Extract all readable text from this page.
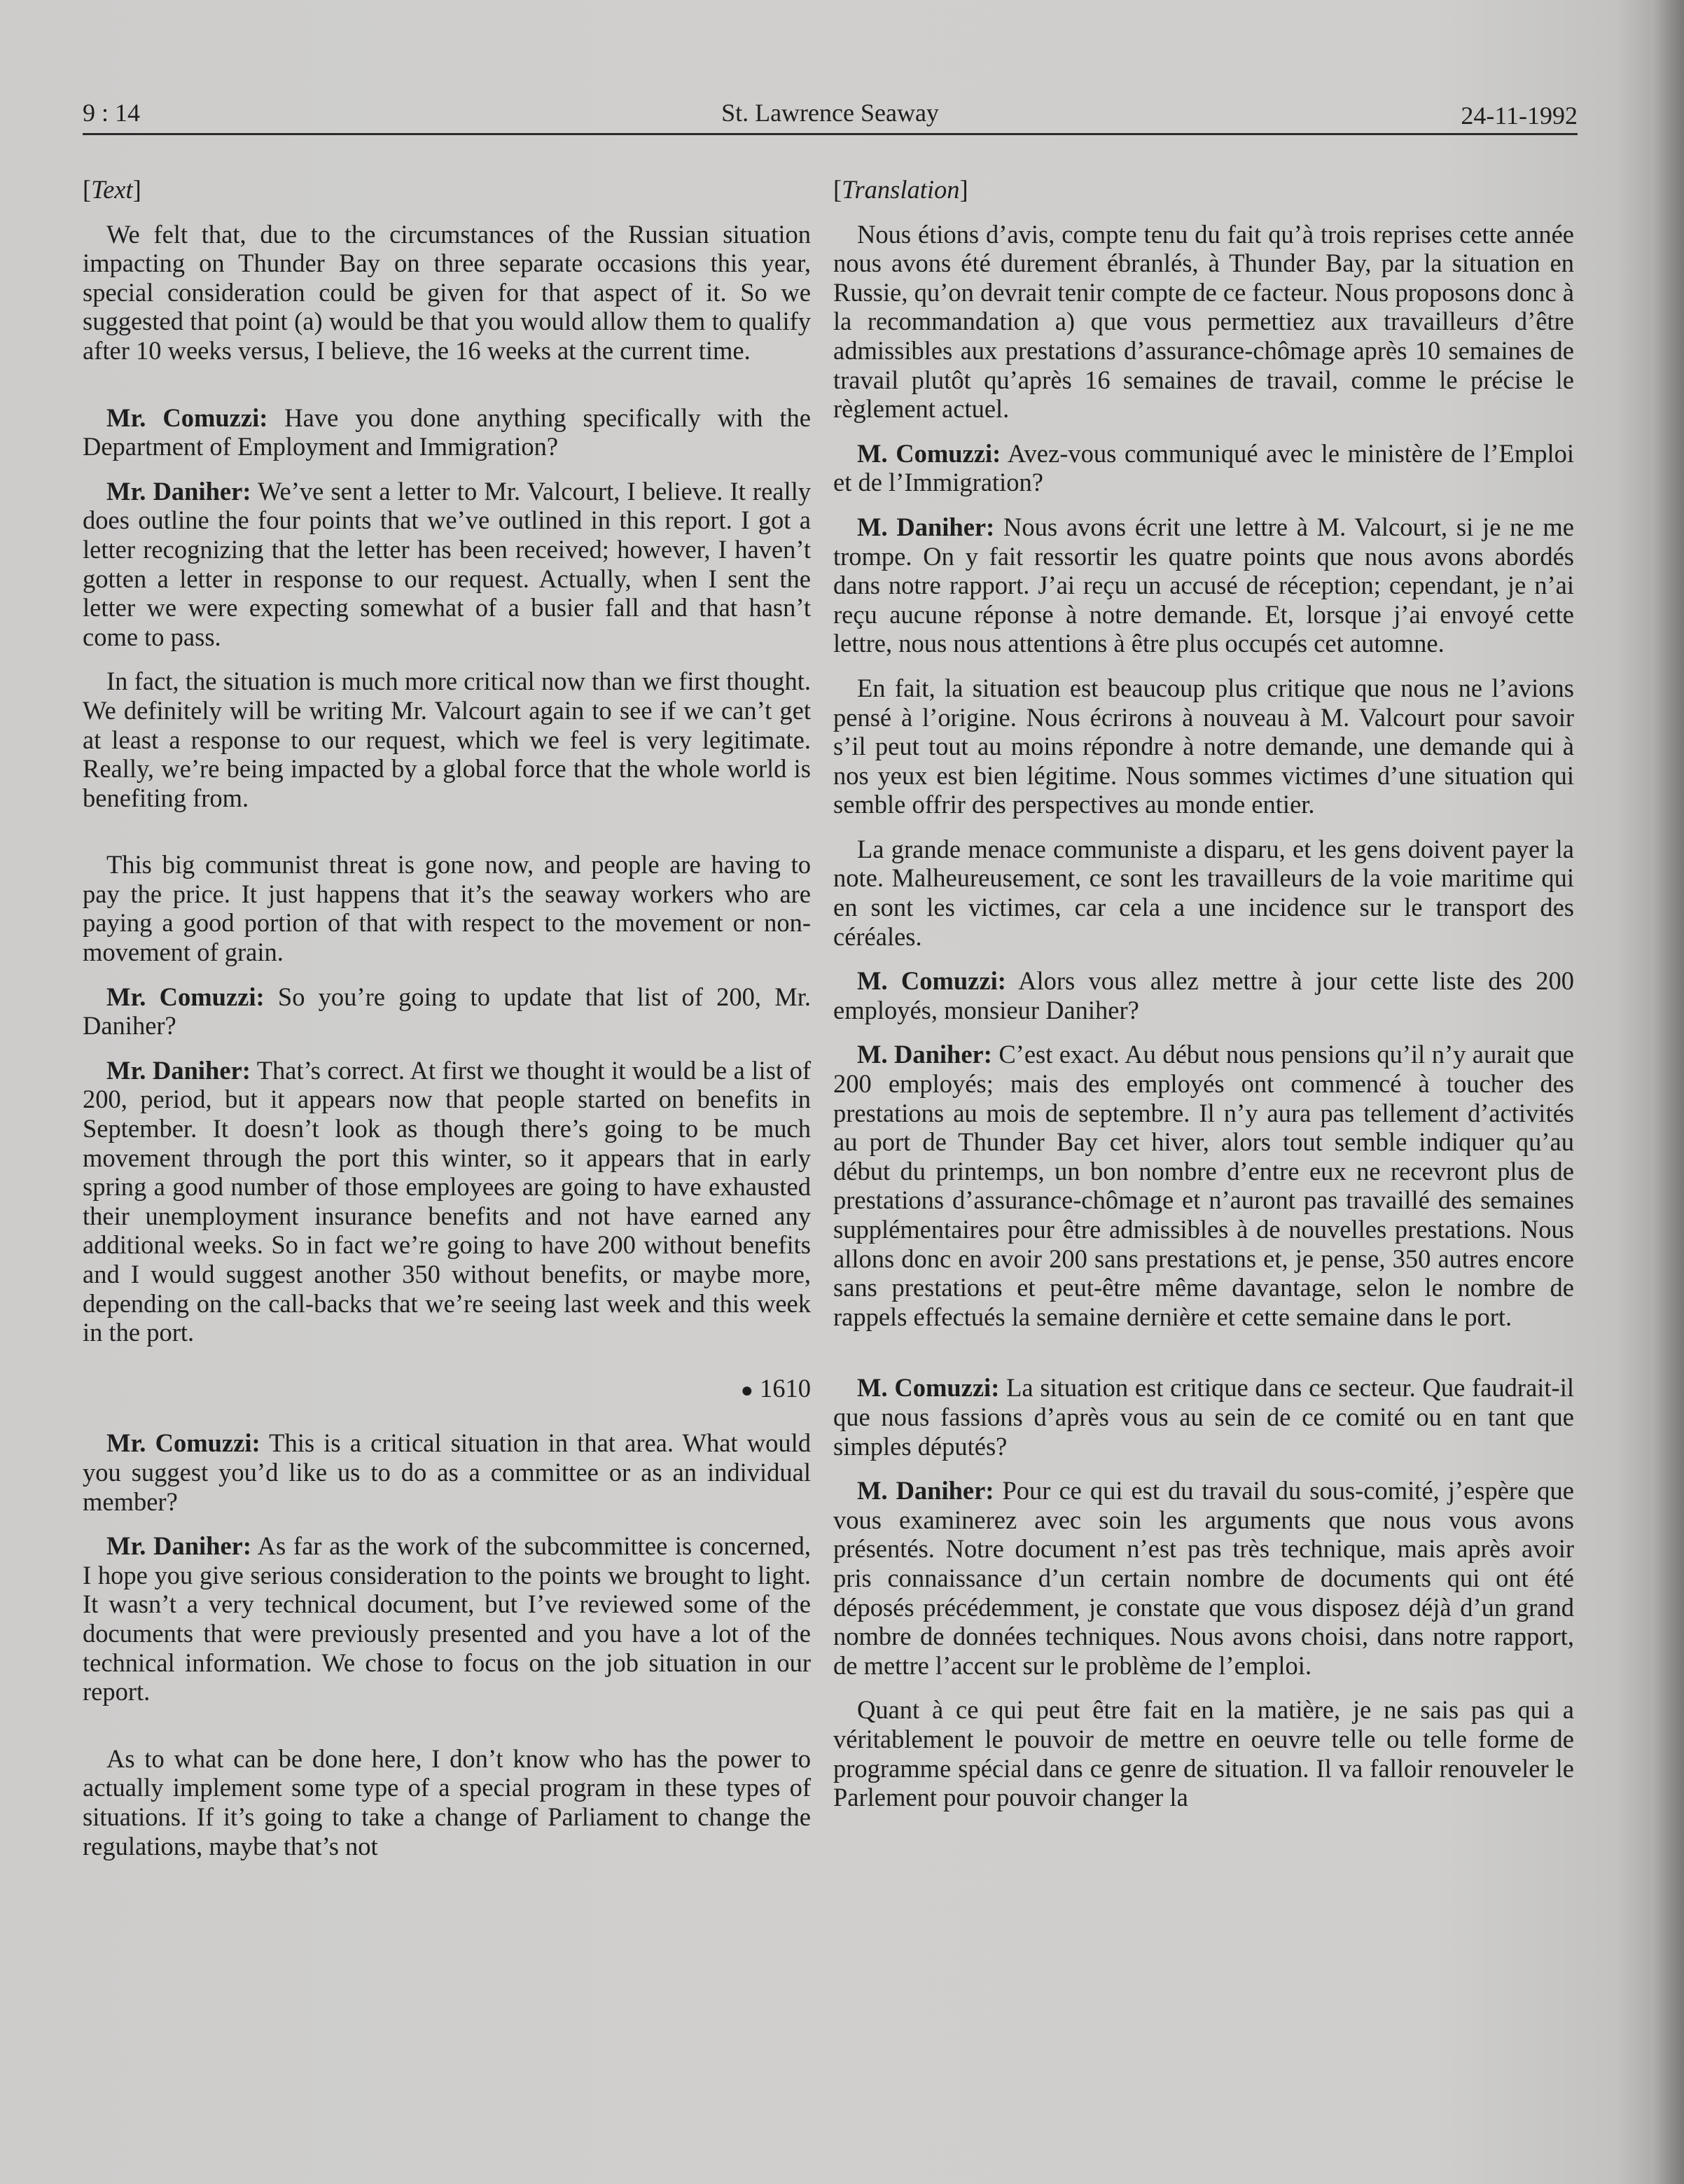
9 : 14	St. Lawrence Seaway	24-11-1992

[Text]

We felt that, due to the circumstances of the Russian situation impacting on Thunder Bay on three separate occasions this year, special consideration could be given for that aspect of it. So we suggested that point (a) would be that you would allow them to qualify after 10 weeks versus, I believe, the 16 weeks at the current time.

Mr. Comuzzi: Have you done anything specifically with the Department of Employment and Immigration?

Mr. Daniher: We’ve sent a letter to Mr. Valcourt, I believe. It really does outline the four points that we’ve outlined in this report. I got a letter recognizing that the letter has been received; however, I haven’t gotten a letter in response to our request. Actually, when I sent the letter we were expecting somewhat of a busier fall and that hasn’t come to pass.

In fact, the situation is much more critical now than we first thought. We definitely will be writing Mr. Valcourt again to see if we can’t get at least a response to our request, which we feel is very legitimate. Really, we’re being impacted by a global force that the whole world is benefiting from.

This big communist threat is gone now, and people are having to pay the price. It just happens that it’s the seaway workers who are paying a good portion of that with respect to the movement or non-movement of grain.

Mr. Comuzzi: So you’re going to update that list of 200, Mr. Daniher?

Mr. Daniher: That’s correct. At first we thought it would be a list of 200, period, but it appears now that people started on benefits in September. It doesn’t look as though there’s going to be much movement through the port this winter, so it appears that in early spring a good number of those employees are going to have exhausted their unemployment insurance benefits and not have earned any additional weeks. So in fact we’re going to have 200 without benefits and I would suggest another 350 without benefits, or maybe more, depending on the call-backs that we’re seeing last week and this week in the port.

● 1610

Mr. Comuzzi: This is a critical situation in that area. What would you suggest you’d like us to do as a committee or as an individual member?

Mr. Daniher: As far as the work of the subcommittee is concerned, I hope you give serious consideration to the points we brought to light. It wasn’t a very technical document, but I’ve reviewed some of the documents that were previously presented and you have a lot of the technical information. We chose to focus on the job situation in our report.

As to what can be done here, I don’t know who has the power to actually implement some type of a special program in these types of situations. If it’s going to take a change of Parliament to change the regulations, maybe that’s not

[Translation]

Nous étions d’avis, compte tenu du fait qu’à trois reprises cette année nous avons été durement ébranlés, à Thunder Bay, par la situation en Russie, qu’on devrait tenir compte de ce facteur. Nous proposons donc à la recommandation a) que vous permettiez aux travailleurs d’être admissibles aux prestations d’assurance-chômage après 10 semaines de travail plutôt qu’après 16 semaines de travail, comme le précise le règlement actuel.

M. Comuzzi: Avez-vous communiqué avec le ministère de l’Emploi et de l’Immigration?

M. Daniher: Nous avons écrit une lettre à M. Valcourt, si je ne me trompe. On y fait ressortir les quatre points que nous avons abordés dans notre rapport. J’ai reçu un accusé de réception; cependant, je n’ai reçu aucune réponse à notre demande. Et, lorsque j’ai envoyé cette lettre, nous nous attentions à être plus occupés cet automne.

En fait, la situation est beaucoup plus critique que nous ne l’avions pensé à l’origine. Nous écrirons à nouveau à M. Valcourt pour savoir s’il peut tout au moins répondre à notre demande, une demande qui à nos yeux est bien légitime. Nous sommes victimes d’une situation qui semble offrir des perspectives au monde entier.

La grande menace communiste a disparu, et les gens doivent payer la note. Malheureusement, ce sont les travailleurs de la voie maritime qui en sont les victimes, car cela a une incidence sur le transport des céréales.

M. Comuzzi: Alors vous allez mettre à jour cette liste des 200 employés, monsieur Daniher?

M. Daniher: C’est exact. Au début nous pensions qu’il n’y aurait que 200 employés; mais des employés ont commencé à toucher des prestations au mois de septembre. Il n’y aura pas tellement d’activités au port de Thunder Bay cet hiver, alors tout semble indiquer qu’au début du printemps, un bon nombre d’entre eux ne recevront plus de prestations d’assurance-chômage et n’auront pas travaillé des semaines supplémentaires pour être admissibles à de nouvelles prestations. Nous allons donc en avoir 200 sans prestations et, je pense, 350 autres encore sans prestations et peut-être même davantage, selon le nombre de rappels effectués la semaine dernière et cette semaine dans le port.

M. Comuzzi: La situation est critique dans ce secteur. Que faudrait-il que nous fassions d’après vous au sein de ce comité ou en tant que simples députés?

M. Daniher: Pour ce qui est du travail du sous-comité, j’espère que vous examinerez avec soin les arguments que nous vous avons présentés. Notre document n’est pas très technique, mais après avoir pris connaissance d’un certain nombre de documents qui ont été déposés précédemment, je constate que vous disposez déjà d’un grand nombre de données techniques. Nous avons choisi, dans notre rapport, de mettre l’accent sur le problème de l’emploi.

Quant à ce qui peut être fait en la matière, je ne sais pas qui a véritablement le pouvoir de mettre en oeuvre telle ou telle forme de programme spécial dans ce genre de situation. Il va falloir renouveler le Parlement pour pouvoir changer la
